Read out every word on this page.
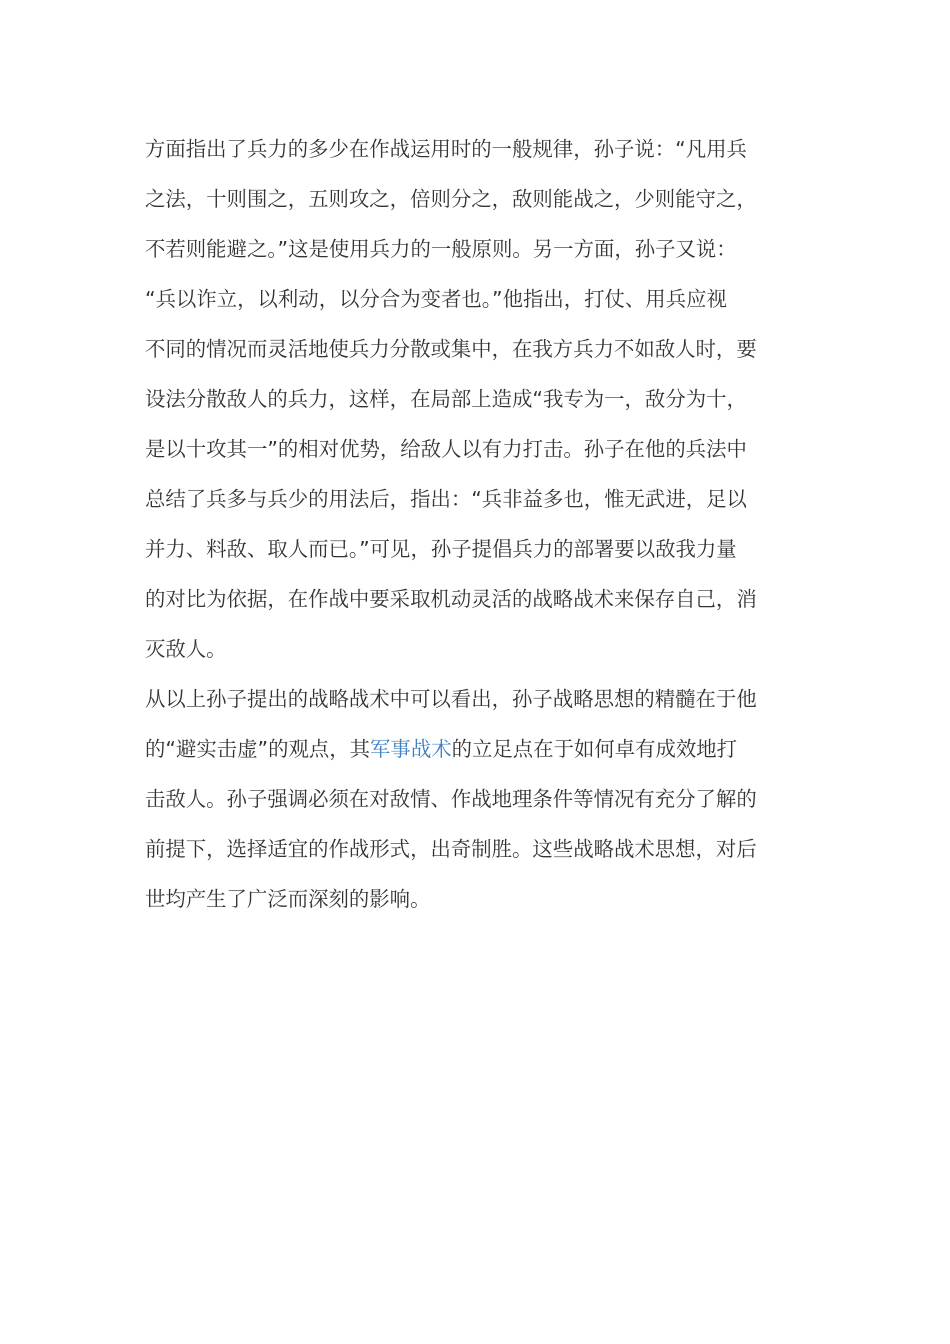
方面指出了兵力的多少在作战运用时的一般规律，孙子说：“凡用兵
之法，十则围之，五则攻之，倍则分之，敌则能战之，少则能守之，
不若则能避之。”这是使用兵力的一般原则。另一方面，孙子又说：
“兵以诈立，以利动，以分合为变者也。”他指出，打仗、用兵应视
不同的情况而灵活地使兵力分散或集中，在我方兵力不如敌人时，要
设法分散敌人的兵力，这样，在局部上造成“我专为一，敌分为十，
是以十攻其一”的相对优势，给敌人以有力打击。孙子在他的兵法中
总结了兵多与兵少的用法后，指出：“兵非益多也，惟无武进，足以
并力、料敌、取人而已。”可见，孙子提倡兵力的部署要以敌我力量
的对比为依据，在作战中要采取机动灵活的战略战术来保存自己，消
灭敌人。
从以上孙子提出的战略战术中可以看出，孙子战略思想的精髓在于他
的“避实击虚”的观点，其军事战术的立足点在于如何卓有成效地打
击敌人。孙子强调必须在对敌情、作战地理条件等情况有充分了解的
前提下，选择适宜的作战形式，出奇制胜。这些战略战术思想，对后
世均产生了广泛而深刻的影响。
